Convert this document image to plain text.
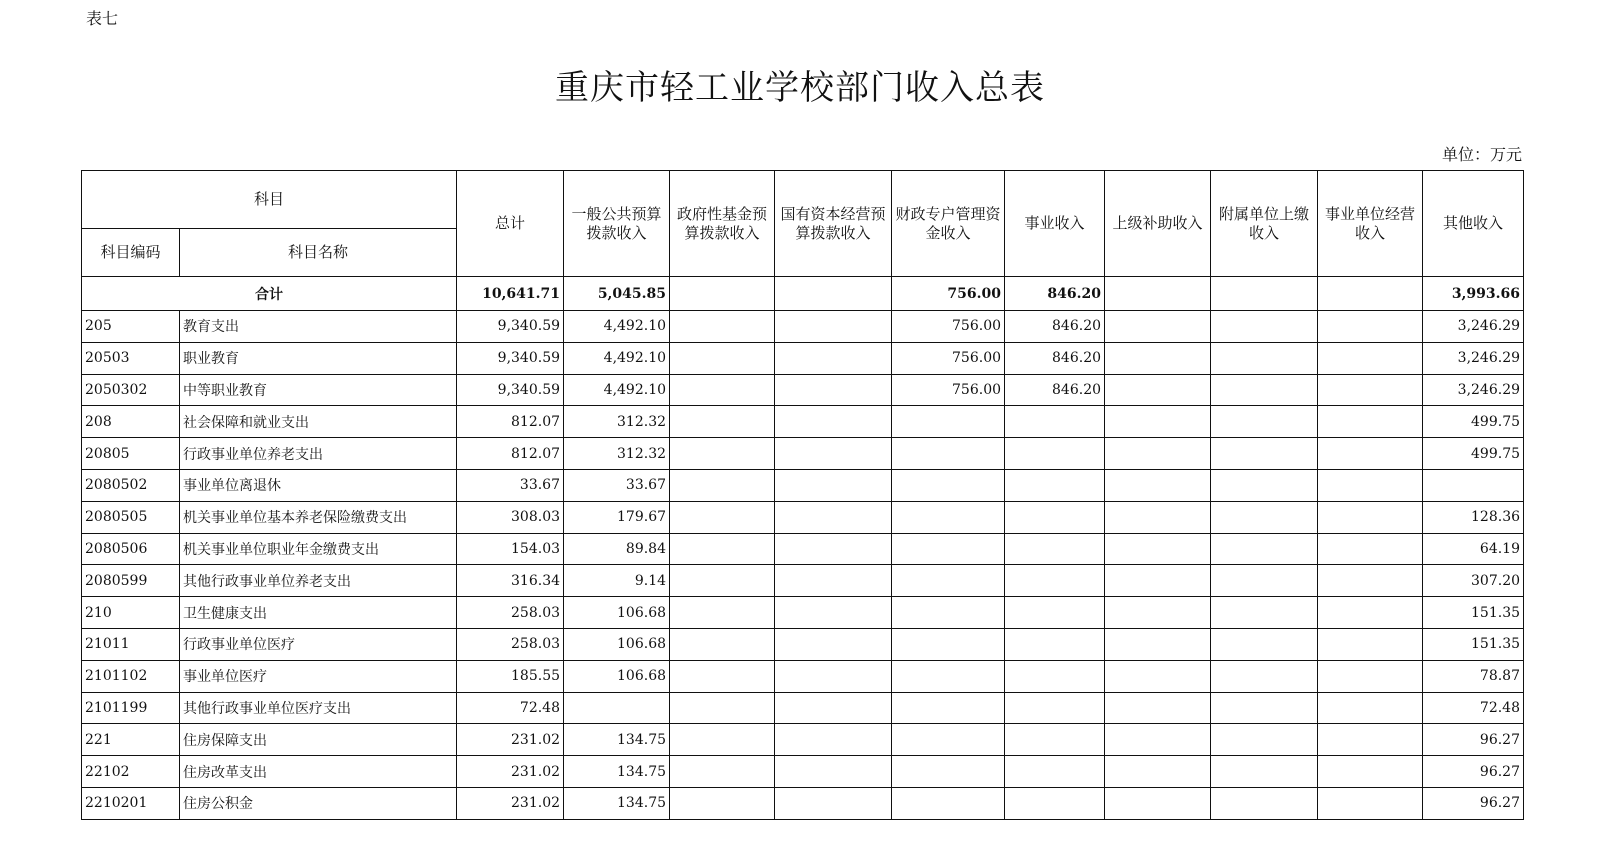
表七
重庆市轻工业学校部门收入总表
单位：万元
科目		总计	一般公共预算拨款收入	政府性基金预算拨款收入	国有资本经营预算拨款收入	财政专户管理资金收入	事业收入	上级补助收入	附属单位上缴收入	事业单位经营收入	其他收入
科目编码	科目名称										
合计		10,641.71	5,045.85			756.00	846.20				3,993.66
205	教育支出	9,340.59	4,492.10			756.00	846.20				3,246.29
20503	职业教育	9,340.59	4,492.10			756.00	846.20				3,246.29
2050302	中等职业教育	9,340.59	4,492.10			756.00	846.20				3,246.29
208	社会保障和就业支出	812.07	312.32								499.75
20805	行政事业单位养老支出	812.07	312.32								499.75
2080502	事业单位离退休	33.67	33.67								
2080505	机关事业单位基本养老保险缴费支出	308.03	179.67								128.36
2080506	机关事业单位职业年金缴费支出	154.03	89.84								64.19
2080599	其他行政事业单位养老支出	316.34	9.14								307.20
210	卫生健康支出	258.03	106.68								151.35
21011	行政事业单位医疗	258.03	106.68								151.35
2101102	事业单位医疗	185.55	106.68								78.87
2101199	其他行政事业单位医疗支出	72.48									72.48
221	住房保障支出	231.02	134.75								96.27
22102	住房改革支出	231.02	134.75								96.27
2210201	住房公积金	231.02	134.75								96.27
